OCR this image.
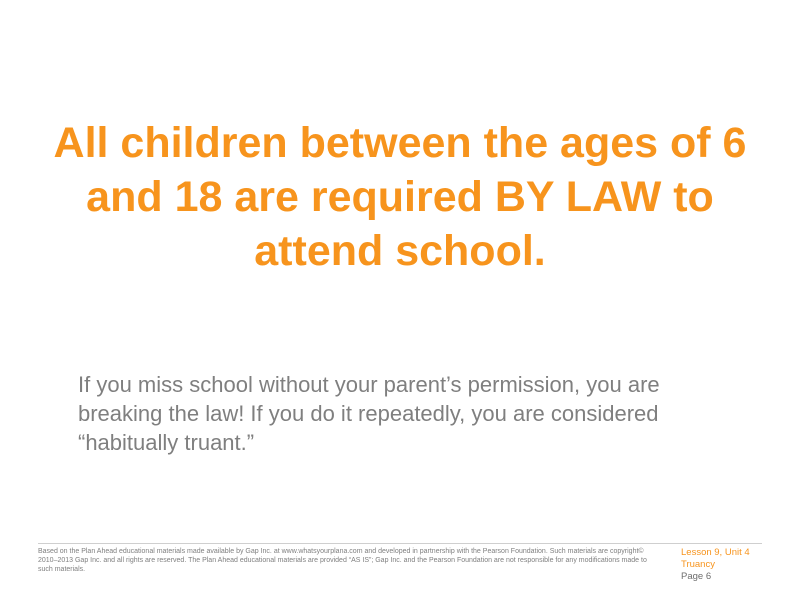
All children between the ages of 6 and 18 are required BY LAW to attend school.

If you miss school without your parent’s permission, you are breaking the law! If you do it repeatedly, you are considered “habitually truant.”

Based on the Plan Ahead educational materials made available by Gap Inc. at www.whatsyourplana.com and developed in partnership with the Pearson Foundation. Such materials are copyright© 2010–2013 Gap Inc. and all rights are reserved. The Plan Ahead educational materials are provided “AS IS”; Gap Inc. and the Pearson Foundation are not responsible for any modifications made to such materials.

Lesson 9, Unit 4
Truancy
Page 6
